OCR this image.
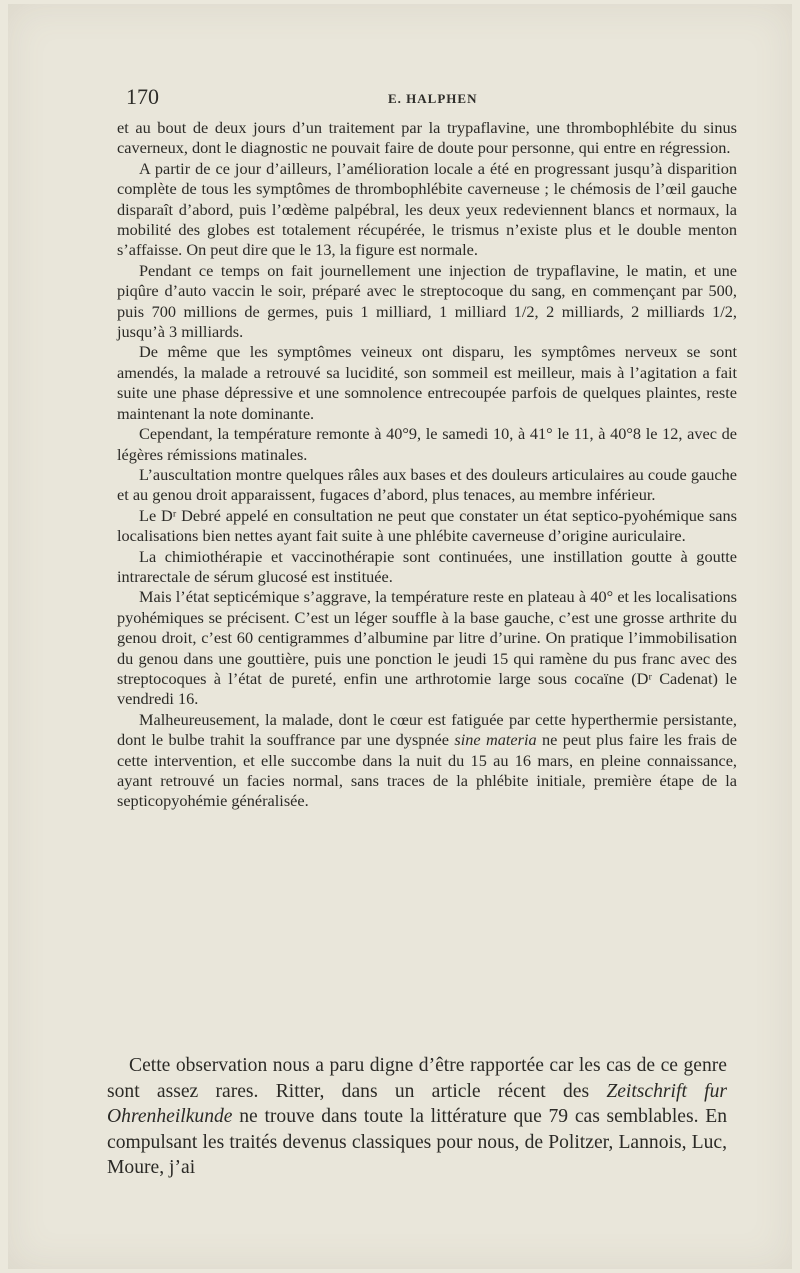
170	E. HALPHEN

et au bout de deux jours d’un traitement par la trypaflavine, une thrombophlébite du sinus caverneux, dont le diagnostic ne pouvait faire de doute pour personne, qui entre en régression.

A partir de ce jour d’ailleurs, l’amélioration locale a été en progressant jusqu’à disparition complète de tous les symptômes de thrombophlébite caverneuse ; le chémosis de l’œil gauche disparaît d’abord, puis l’œdème palpébral, les deux yeux redeviennent blancs et normaux, la mobilité des globes est totalement récupérée, le trismus n’existe plus et le double menton s’affaisse. On peut dire que le 13, la figure est normale.

Pendant ce temps on fait journellement une injection de trypaflavine, le matin, et une piqûre d’auto vaccin le soir, préparé avec le streptocoque du sang, en commençant par 500, puis 700 millions de germes, puis 1 milliard, 1 milliard 1/2, 2 milliards, 2 milliards 1/2, jusqu’à 3 milliards.

De même que les symptômes veineux ont disparu, les symptômes nerveux se sont amendés, la malade a retrouvé sa lucidité, son sommeil est meilleur, mais à l’agitation a fait suite une phase dépressive et une somnolence entrecoupée parfois de quelques plaintes, reste maintenant la note dominante.

Cependant, la température remonte à 40°9, le samedi 10, à 41° le 11, à 40°8 le 12, avec de légères rémissions matinales.

L’auscultation montre quelques râles aux bases et des douleurs articulaires au coude gauche et au genou droit apparaissent, fugaces d’abord, plus tenaces, au membre inférieur.

Le Dʳ Debré appelé en consultation ne peut que constater un état septico-pyohémique sans localisations bien nettes ayant fait suite à une phlébite caverneuse d’origine auriculaire.

La chimiothérapie et vaccinothérapie sont continuées, une instillation goutte à goutte intrarectale de sérum glucosé est instituée.

Mais l’état septicémique s’aggrave, la température reste en plateau à 40° et les localisations pyohémiques se précisent. C’est un léger souffle à la base gauche, c’est une grosse arthrite du genou droit, c’est 60 centigrammes d’albumine par litre d’urine. On pratique l’immobilisation du genou dans une gouttière, puis une ponction le jeudi 15 qui ramène du pus franc avec des streptocoques à l’état de pureté, enfin une arthrotomie large sous cocaïne (Dʳ Cadenat) le vendredi 16.

Malheureusement, la malade, dont le cœur est fatiguée par cette hyperthermie persistante, dont le bulbe trahit la souffrance par une dyspnée sine materia ne peut plus faire les frais de cette intervention, et elle succombe dans la nuit du 15 au 16 mars, en pleine connaissance, ayant retrouvé un facies normal, sans traces de la phlébite initiale, première étape de la septicopyohémie généralisée.

Cette observation nous a paru digne d’être rapportée car les cas de ce genre sont assez rares. Ritter, dans un article récent des Zeitschrift fur Ohrenheilkunde ne trouve dans toute la littérature que 79 cas semblables. En compulsant les traités devenus classiques pour nous, de Politzer, Lannois, Luc, Moure, j’ai
